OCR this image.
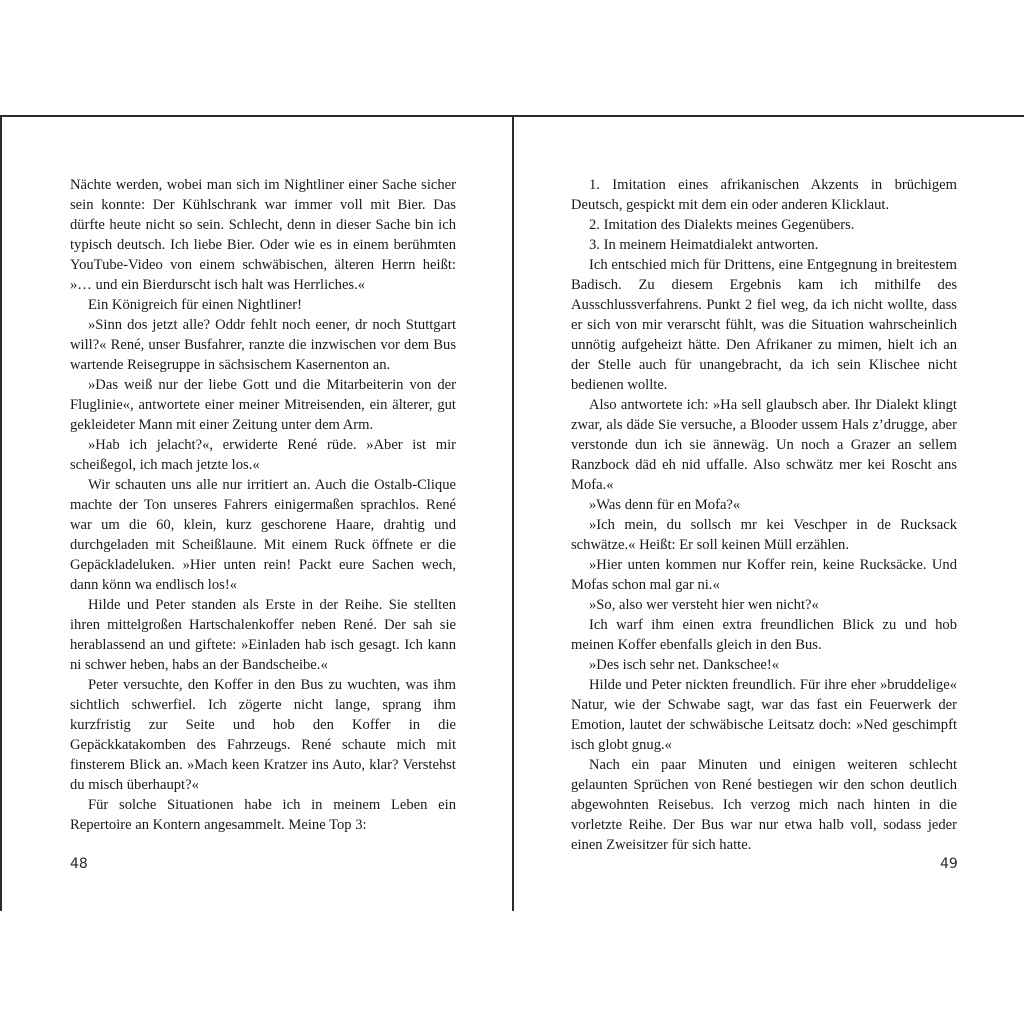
Nächte werden, wobei man sich im Nightliner einer Sache sicher sein konnte: Der Kühlschrank war immer voll mit Bier. Das dürfte heute nicht so sein. Schlecht, denn in dieser Sache bin ich typisch deutsch. Ich liebe Bier. Oder wie es in einem berühmten YouTube-Video von einem schwäbischen, älteren Herrn heißt: »… und ein Bierdurscht isch halt was Herrliches.«

Ein Königreich für einen Nightliner!

»Sinn dos jetzt alle? Oddr fehlt noch eener, dr noch Stuttgart will?« René, unser Busfahrer, ranzte die inzwischen vor dem Bus wartende Reisegruppe in sächsischem Kasernenton an.

»Das weiß nur der liebe Gott und die Mitarbeiterin von der Fluglinie«, antwortete einer meiner Mitreisenden, ein älterer, gut gekleideter Mann mit einer Zeitung unter dem Arm.

»Hab ich jelacht?«, erwiderte René rüde. »Aber ist mir scheißegol, ich mach jetzte los.«

Wir schauten uns alle nur irritiert an. Auch die Ostalb-Clique machte der Ton unseres Fahrers einigermaßen sprachlos. René war um die 60, klein, kurz geschorene Haare, drahtig und durchgeladen mit Scheißlaune. Mit einem Ruck öffnete er die Gepäckladeluken. »Hier unten rein! Packt eure Sachen wech, dann könn wa endlisch los!«

Hilde und Peter standen als Erste in der Reihe. Sie stellten ihren mittelgroßen Hartschalenkoffer neben René. Der sah sie herablassend an und giftete: »Einladen hab isch gesagt. Ich kann ni schwer heben, habs an der Bandscheibe.«

Peter versuchte, den Koffer in den Bus zu wuchten, was ihm sichtlich schwerfiel. Ich zögerte nicht lange, sprang ihm kurzfristig zur Seite und hob den Koffer in die Gepäckkatakomben des Fahrzeugs. René schaute mich mit finsterem Blick an. »Mach keen Kratzer ins Auto, klar? Verstehst du misch überhaupt?«

Für solche Situationen habe ich in meinem Leben ein Repertoire an Kontern angesammelt. Meine Top 3:

1. Imitation eines afrikanischen Akzents in brüchigem Deutsch, gespickt mit dem ein oder anderen Klicklaut.

2. Imitation des Dialekts meines Gegenübers.

3. In meinem Heimatdialekt antworten.

Ich entschied mich für Drittens, eine Entgegnung in breitestem Badisch. Zu diesem Ergebnis kam ich mithilfe des Ausschlussverfahrens. Punkt 2 fiel weg, da ich nicht wollte, dass er sich von mir verarscht fühlt, was die Situation wahrscheinlich unnötig aufgeheizt hätte. Den Afrikaner zu mimen, hielt ich an der Stelle auch für unangebracht, da ich sein Klischee nicht bedienen wollte.

Also antwortete ich: »Ha sell glaubsch aber. Ihr Dialekt klingt zwar, als däde Sie versuche, a Blooder ussem Hals z’drugge, aber verstonde dun ich sie ännewäg. Un noch a Grazer an sellem Ranzbock däd eh nid uffalle. Also schwätz mer kei Roscht ans Mofa.«

»Was denn für en Mofa?«

»Ich mein, du sollsch mr kei Veschper in de Rucksack schwätze.« Heißt: Er soll keinen Müll erzählen.

»Hier unten kommen nur Koffer rein, keine Rucksäcke. Und Mofas schon mal gar ni.«

»So, also wer versteht hier wen nicht?«

Ich warf ihm einen extra freundlichen Blick zu und hob meinen Koffer ebenfalls gleich in den Bus.

»Des isch sehr net. Dankschee!«

Hilde und Peter nickten freundlich. Für ihre eher »bruddelige« Natur, wie der Schwabe sagt, war das fast ein Feuerwerk der Emotion, lautet der schwäbische Leitsatz doch: »Ned geschimpft isch globt gnug.«

Nach ein paar Minuten und einigen weiteren schlecht gelaunten Sprüchen von René bestiegen wir den schon deutlich abgewohnten Reisebus. Ich verzog mich nach hinten in die vorletzte Reihe. Der Bus war nur etwa halb voll, sodass jeder einen Zweisitzer für sich hatte.

48	49
